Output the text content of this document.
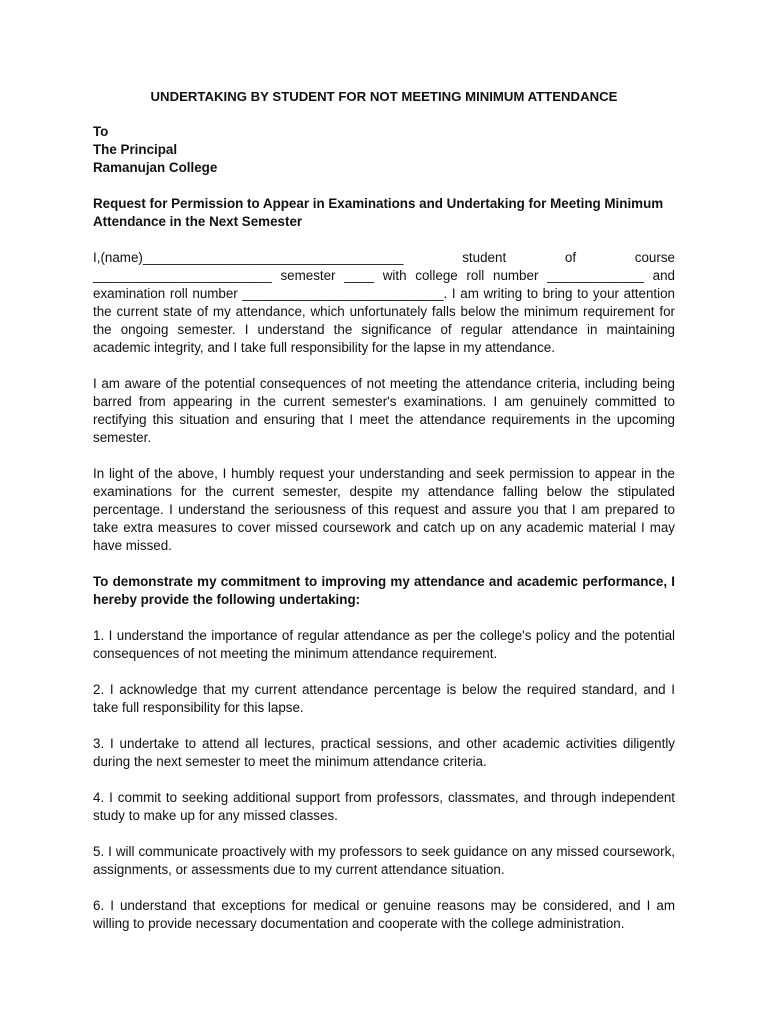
UNDERTAKING BY STUDENT FOR NOT MEETING MINIMUM ATTENDANCE
To
The Principal
Ramanujan College
Request for Permission to Appear in Examinations and Undertaking for Meeting Minimum Attendance in the Next Semester

I,(name)___________________________________ student of course ________________________ semester ____ with college roll number _____________ and examination roll number ___________________________. I am writing to bring to your attention the current state of my attendance, which unfortunately falls below the minimum requirement for the ongoing semester. I understand the significance of regular attendance in maintaining academic integrity, and I take full responsibility for the lapse in my attendance.

I am aware of the potential consequences of not meeting the attendance criteria, including being barred from appearing in the current semester's examinations. I am genuinely committed to rectifying this situation and ensuring that I meet the attendance requirements in the upcoming semester.

In light of the above, I humbly request your understanding and seek permission to appear in the examinations for the current semester, despite my attendance falling below the stipulated percentage. I understand the seriousness of this request and assure you that I am prepared to take extra measures to cover missed coursework and catch up on any academic material I may have missed.

To demonstrate my commitment to improving my attendance and academic performance, I hereby provide the following undertaking:

1. I understand the importance of regular attendance as per the college's policy and the potential consequences of not meeting the minimum attendance requirement.
2. I acknowledge that my current attendance percentage is below the required standard, and I take full responsibility for this lapse.
3. I undertake to attend all lectures, practical sessions, and other academic activities diligently during the next semester to meet the minimum attendance criteria.
4. I commit to seeking additional support from professors, classmates, and through independent study to make up for any missed classes.
5. I will communicate proactively with my professors to seek guidance on any missed coursework, assignments, or assessments due to my current attendance situation.
6. I understand that exceptions for medical or genuine reasons may be considered, and I am willing to provide necessary documentation and cooperate with the college administration.
